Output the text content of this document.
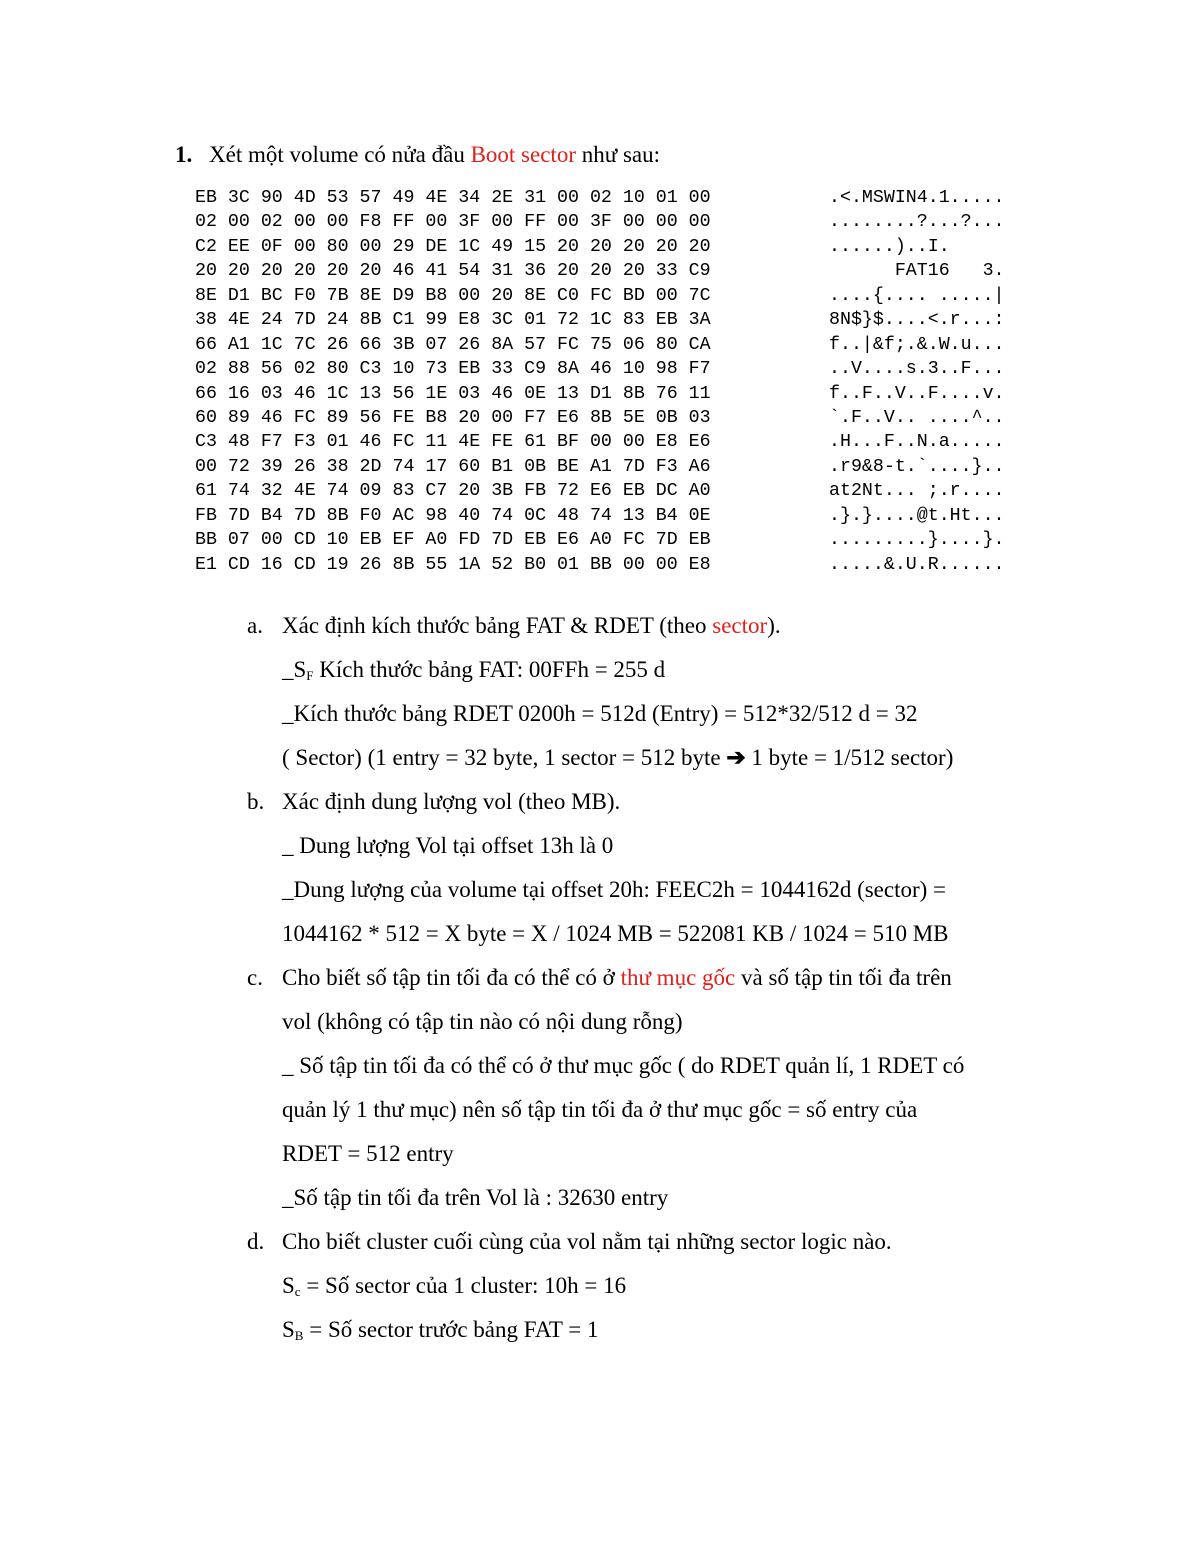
1. Xét một volume có nửa đầu Boot sector như sau:
EB 3C 90 4D 53 57 49 4E 34 2E 31 00 02 10 01 00	.<.MSWIN4.1.....
02 00 02 00 00 F8 FF 00 3F 00 FF 00 3F 00 00 00	........?...?...
C2 EE 0F 00 80 00 29 DE 1C 49 15 20 20 20 20 20	......)..I.
20 20 20 20 20 20 46 41 54 31 36 20 20 20 33 C9	FAT16   3.
8E D1 BC F0 7B 8E D9 B8 00 20 8E C0 FC BD 00 7C	....{.... .....|
38 4E 24 7D 24 8B C1 99 E8 3C 01 72 1C 83 EB 3A	8N$}$....<.r...:
66 A1 1C 7C 26 66 3B 07 26 8A 57 FC 75 06 80 CA	f..|&f;.&.W.u...
02 88 56 02 80 C3 10 73 EB 33 C9 8A 46 10 98 F7	..V....s.3..F...
66 16 03 46 1C 13 56 1E 03 46 0E 13 D1 8B 76 11	f..F..V..F....v.
60 89 46 FC 89 56 FE B8 20 00 F7 E6 8B 5E 0B 03	`.F..V.. ....^..
C3 48 F7 F3 01 46 FC 11 4E FE 61 BF 00 00 E8 E6	.H...F..N.a.....
00 72 39 26 38 2D 74 17 60 B1 0B BE A1 7D F3 A6	.r9&8-t.`....}..
61 74 32 4E 74 09 83 C7 20 3B FB 72 E6 EB DC A0	at2Nt... ;.r....
FB 7D B4 7D 8B F0 AC 98 40 74 0C 48 74 13 B4 0E	.}.}....@t.Ht...
BB 07 00 CD 10 EB EF A0 FD 7D EB E6 A0 FC 7D EB	.........}....}.
E1 CD 16 CD 19 26 8B 55 1A 52 B0 01 BB 00 00 E8	.....&.U.R......
a. Xác định kích thước bảng FAT & RDET (theo sector).
$\_S_F$ Kích thước bảng FAT: 00FFh = 255 d
_Kích thước bảng RDET 0200h = 512d (Entry) = 512*32/512 d = 32
( Sector) (1 entry = 32 byte, 1 sector = 512 byte ➔ 1 byte = 1/512 sector)
b. Xác định dung lượng vol (theo MB).
_ Dung lượng Vol tại offset 13h là 0
_Dung lượng của volume tại offset 20h: FEEC2h = 1044162d (sector) =
1044162 * 512 = X byte = X / 1024 MB = 522081 KB / 1024 = 510 MB
c. Cho biết số tập tin tối đa có thể có ở thư mục gốc và số tập tin tối đa trên
vol (không có tập tin nào có nội dung rỗng)
_ Số tập tin tối đa có thể có ở thư mục gốc ( do RDET quản lí, 1 RDET có
quản lý 1 thư mục) nên số tập tin tối đa ở thư mục gốc = số entry của
RDET = 512 entry
_Số tập tin tối đa trên Vol là : 32630 entry
d. Cho biết cluster cuối cùng của vol nằm tại những sector logic nào.
$S_c$ = Số sector của 1 cluster: 10h = 16
$S_B$ = Số sector trước bảng FAT = 1
